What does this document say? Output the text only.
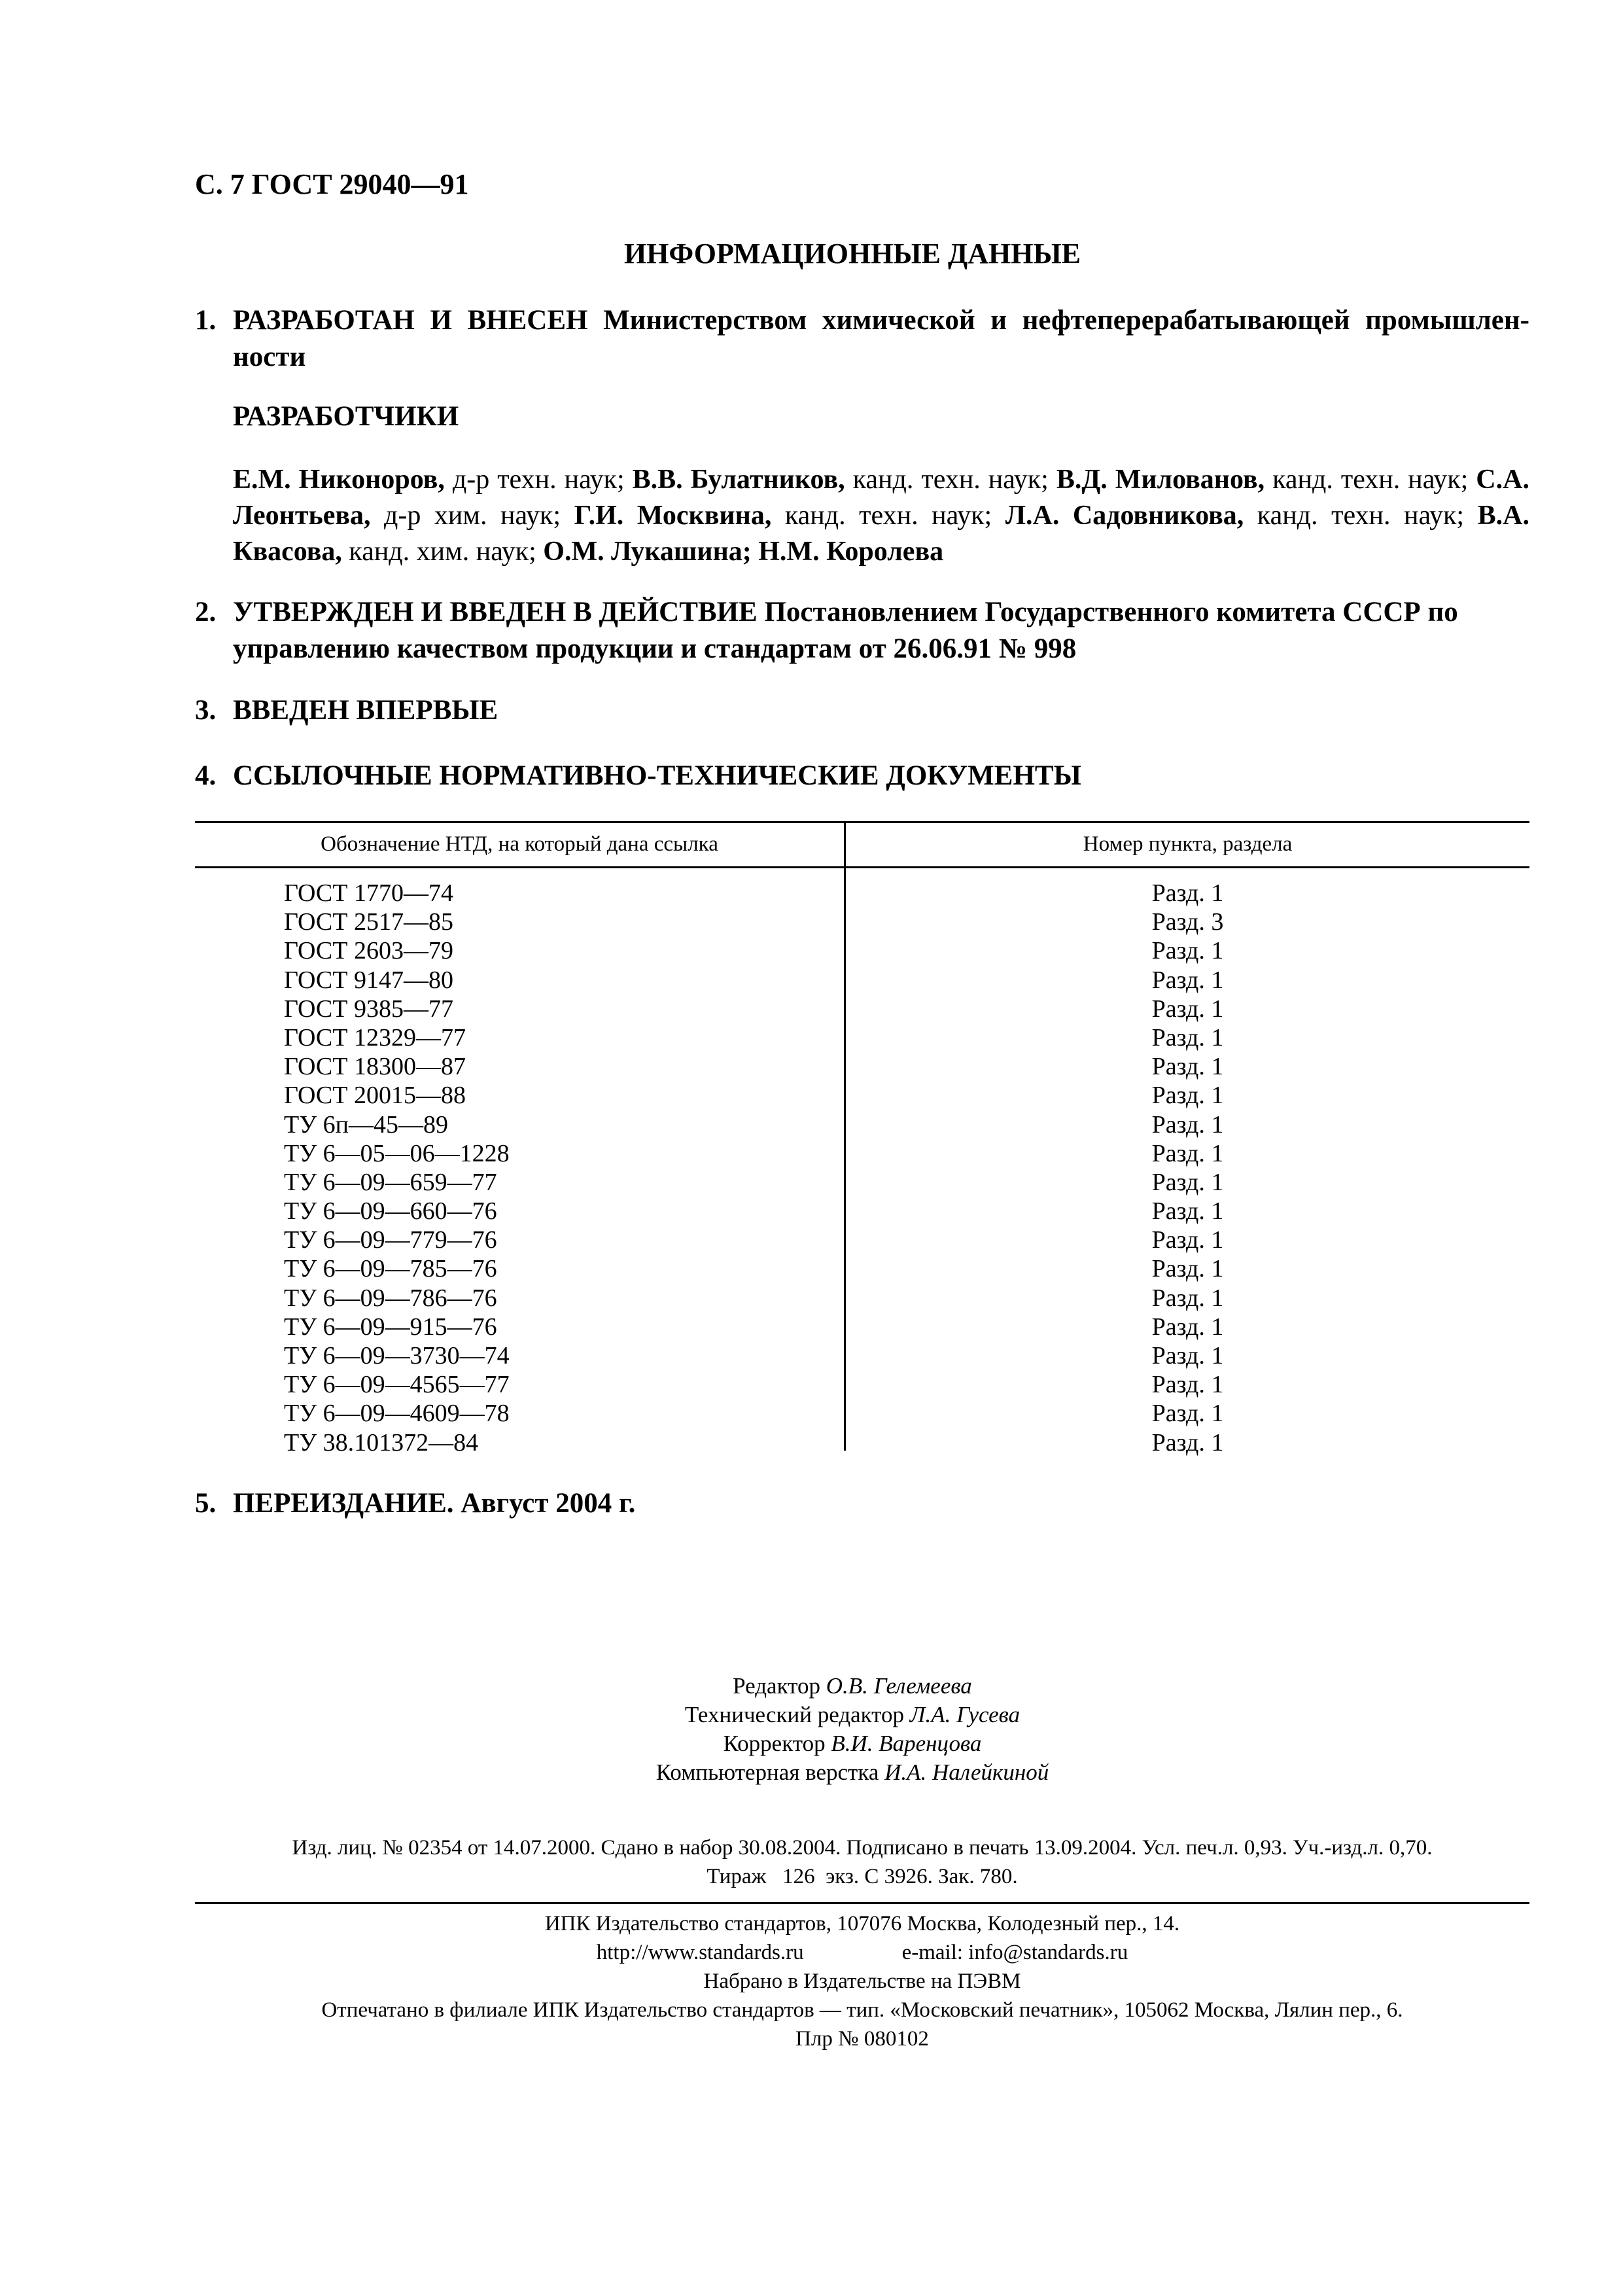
С. 7 ГОСТ 29040—91
ИНФОРМАЦИОННЫЕ ДАННЫЕ
1. РАЗРАБОТАН И ВНЕСЕН Министерством химической и нефтеперерабатывающей промышлен-ности
РАЗРАБОТЧИКИ
Е.М. Никоноров, д-р техн. наук; В.В. Булатников, канд. техн. наук; В.Д. Милованов, канд. техн. наук; С.А. Леонтьева, д-р хим. наук; Г.И. Москвина, канд. техн. наук; Л.А. Садовникова, канд. техн. наук; В.А. Квасова, канд. хим. наук; О.М. Лукашина; Н.М. Королева
2. УТВЕРЖДЕН И ВВЕДЕН В ДЕЙСТВИЕ Постановлением Государственного комитета СССР по управлению качеством продукции и стандартам от 26.06.91 № 998
3. ВВЕДЕН ВПЕРВЫЕ
4. ССЫЛОЧНЫЕ НОРМАТИВНО-ТЕХНИЧЕСКИЕ ДОКУМЕНТЫ
Обозначение НТД, на который дана ссылка	Номер пункта, раздела
ГОСТ 1770—74	Разд. 1
ГОСТ 2517—85	Разд. 3
ГОСТ 2603—79	Разд. 1
ГОСТ 9147—80	Разд. 1
ГОСТ 9385—77	Разд. 1
ГОСТ 12329—77	Разд. 1
ГОСТ 18300—87	Разд. 1
ГОСТ 20015—88	Разд. 1
ТУ 6п—45—89	Разд. 1
ТУ 6—05—06—1228	Разд. 1
ТУ 6—09—659—77	Разд. 1
ТУ 6—09—660—76	Разд. 1
ТУ 6—09—779—76	Разд. 1
ТУ 6—09—785—76	Разд. 1
ТУ 6—09—786—76	Разд. 1
ТУ 6—09—915—76	Разд. 1
ТУ 6—09—3730—74	Разд. 1
ТУ 6—09—4565—77	Разд. 1
ТУ 6—09—4609—78	Разд. 1
ТУ 38.101372—84	Разд. 1
5. ПЕРЕИЗДАНИЕ. Август 2004 г.
Редактор О.В. Гелемеева
Технический редактор Л.А. Гусева
Корректор В.И. Варенцова
Компьютерная верстка И.А. Налейкиной
Изд. лиц. № 02354 от 14.07.2000. Сдано в набор 30.08.2004. Подписано в печать 13.09.2004. Усл. печ.л. 0,93. Уч.-изд.л. 0,70.
Тираж   126  экз. С 3926. Зак. 780.
ИПК Издательство стандартов, 107076 Москва, Колодезный пер., 14.
http://www.standards.ru	e-mail: info@standards.ru
Набрано в Издательстве на ПЭВМ
Отпечатано в филиале ИПК Издательство стандартов — тип. «Московский печатник», 105062 Москва, Лялин пер., 6.
Плр № 080102
